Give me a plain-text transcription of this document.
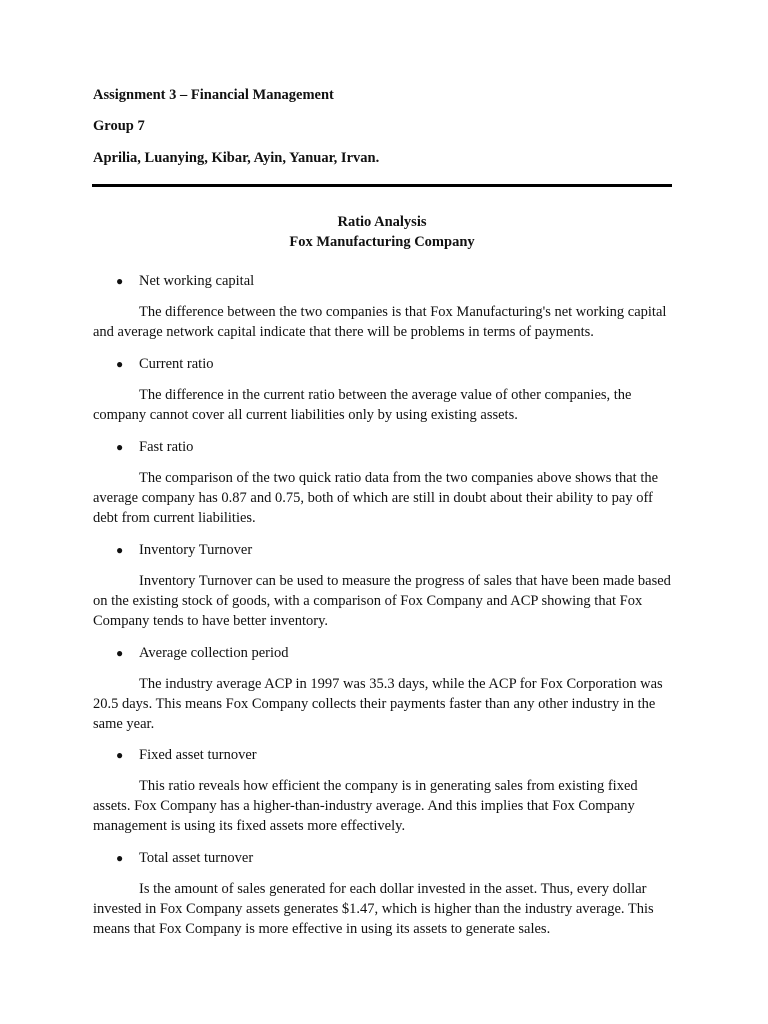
Assignment 3 – Financial Management
Group 7
Aprilia, Luanying, Kibar, Ayin, Yanuar, Irvan.
Ratio Analysis
Fox Manufacturing Company
● Net working capital
The difference between the two companies is that Fox Manufacturing's net working capital and average network capital indicate that there will be problems in terms of payments.
● Current ratio
The difference in the current ratio between the average value of other companies, the company cannot cover all current liabilities only by using existing assets.
● Fast ratio
The comparison of the two quick ratio data from the two companies above shows that the average company has 0.87 and 0.75, both of which are still in doubt about their ability to pay off debt from current liabilities.
● Inventory Turnover
Inventory Turnover can be used to measure the progress of sales that have been made based on the existing stock of goods, with a comparison of Fox Company and ACP showing that Fox Company tends to have better inventory.
● Average collection period
The industry average ACP in 1997 was 35.3 days, while the ACP for Fox Corporation was 20.5 days. This means Fox Company collects their payments faster than any other industry in the same year.
● Fixed asset turnover
This ratio reveals how efficient the company is in generating sales from existing fixed assets. Fox Company has a higher-than-industry average. And this implies that Fox Company management is using its fixed assets more effectively.
● Total asset turnover
Is the amount of sales generated for each dollar invested in the asset. Thus, every dollar invested in Fox Company assets generates $1.47, which is higher than the industry average. This means that Fox Company is more effective in using its assets to generate sales.
